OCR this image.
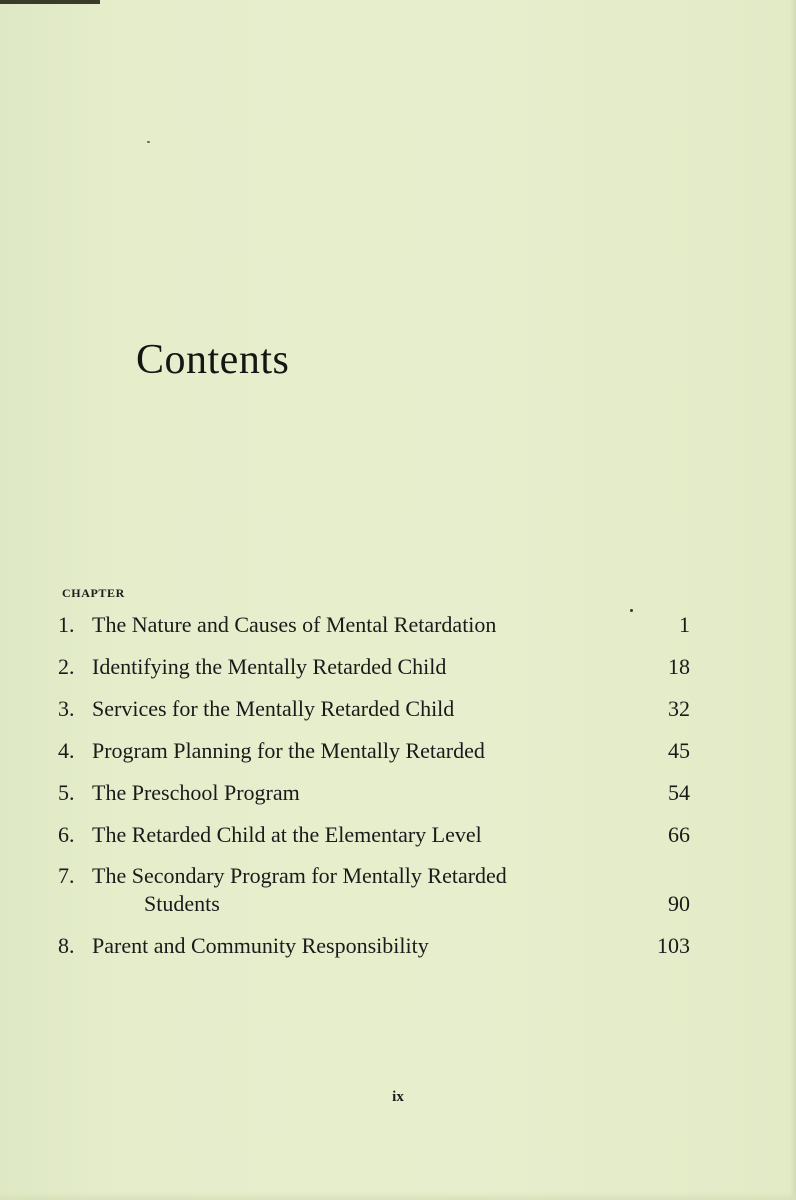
Contents
CHAPTER
1. The Nature and Causes of Mental Retardation	1
2. Identifying the Mentally Retarded Child	18
3. Services for the Mentally Retarded Child	32
4. Program Planning for the Mentally Retarded	45
5. The Preschool Program	54
6. The Retarded Child at the Elementary Level	66
7. The Secondary Program for Mentally Retarded
Students	90
8. Parent and Community Responsibility	103
ix
